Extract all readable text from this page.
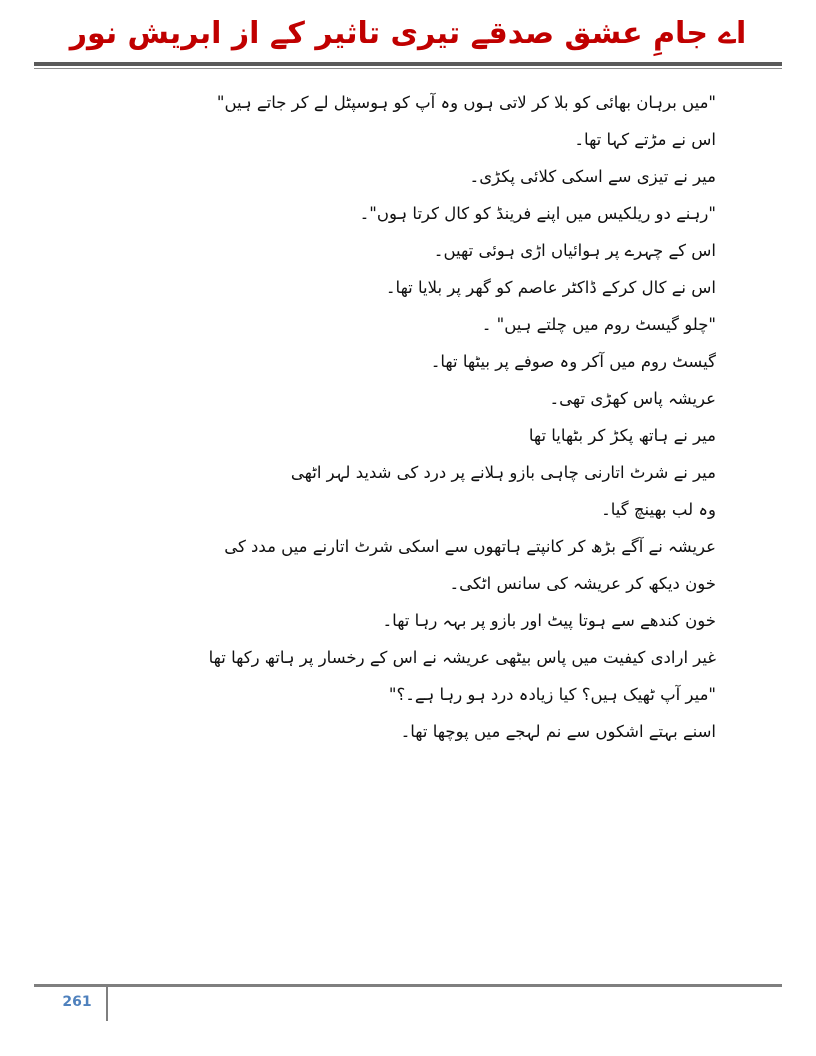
اے جامِ عشق صدقے تیری تاثیر کے از ابریش نور

"میں برہان بھائی کو بلا کر لاتی ہوں وہ آپ کو ہوسپٹل لے کر جاتے ہیں"

اس نے مڑتے کہا تھا۔

میر نے تیزی سے اسکی کلائی پکڑی۔

"رہنے دو ریلکیس میں اپنے فرینڈ کو کال کرتا ہوں"۔

اس کے چہرے پر ہوائیاں اڑی ہوئی تھیں۔

اس نے کال کرکے ڈاکٹر عاصم کو گھر پر بلایا تھا۔

"چلو گیسٹ روم میں چلتے ہیں" ۔

گیسٹ روم میں آکر وہ صوفے پر بیٹھا تھا۔

عریشہ پاس کھڑی تھی۔

میر نے ہاتھ پکڑ کر بٹھایا تھا

میر نے شرٹ اتارنی چاہی بازو ہلانے پر درد کی شدید لہر اٹھی

وہ لب بھینچ گیا۔

عریشہ نے آگے بڑھ کر کانپتے ہاتھوں سے اسکی شرٹ اتارنے میں مدد کی

خون دیکھ کر عریشہ کی سانس اٹکی۔

خون کندھے سے ہوتا پیٹ اور بازو پر بہہ رہا تھا۔

غیر ارادی کیفیت میں پاس بیٹھی عریشہ نے اس کے رخسار پر ہاتھ رکھا تھا

"میر آپ ٹھیک ہیں؟ کیا زیادہ درد ہو رہا ہے۔؟"

اسنے بہتے اشکوں سے نم لہجے میں پوچھا تھا۔

261
